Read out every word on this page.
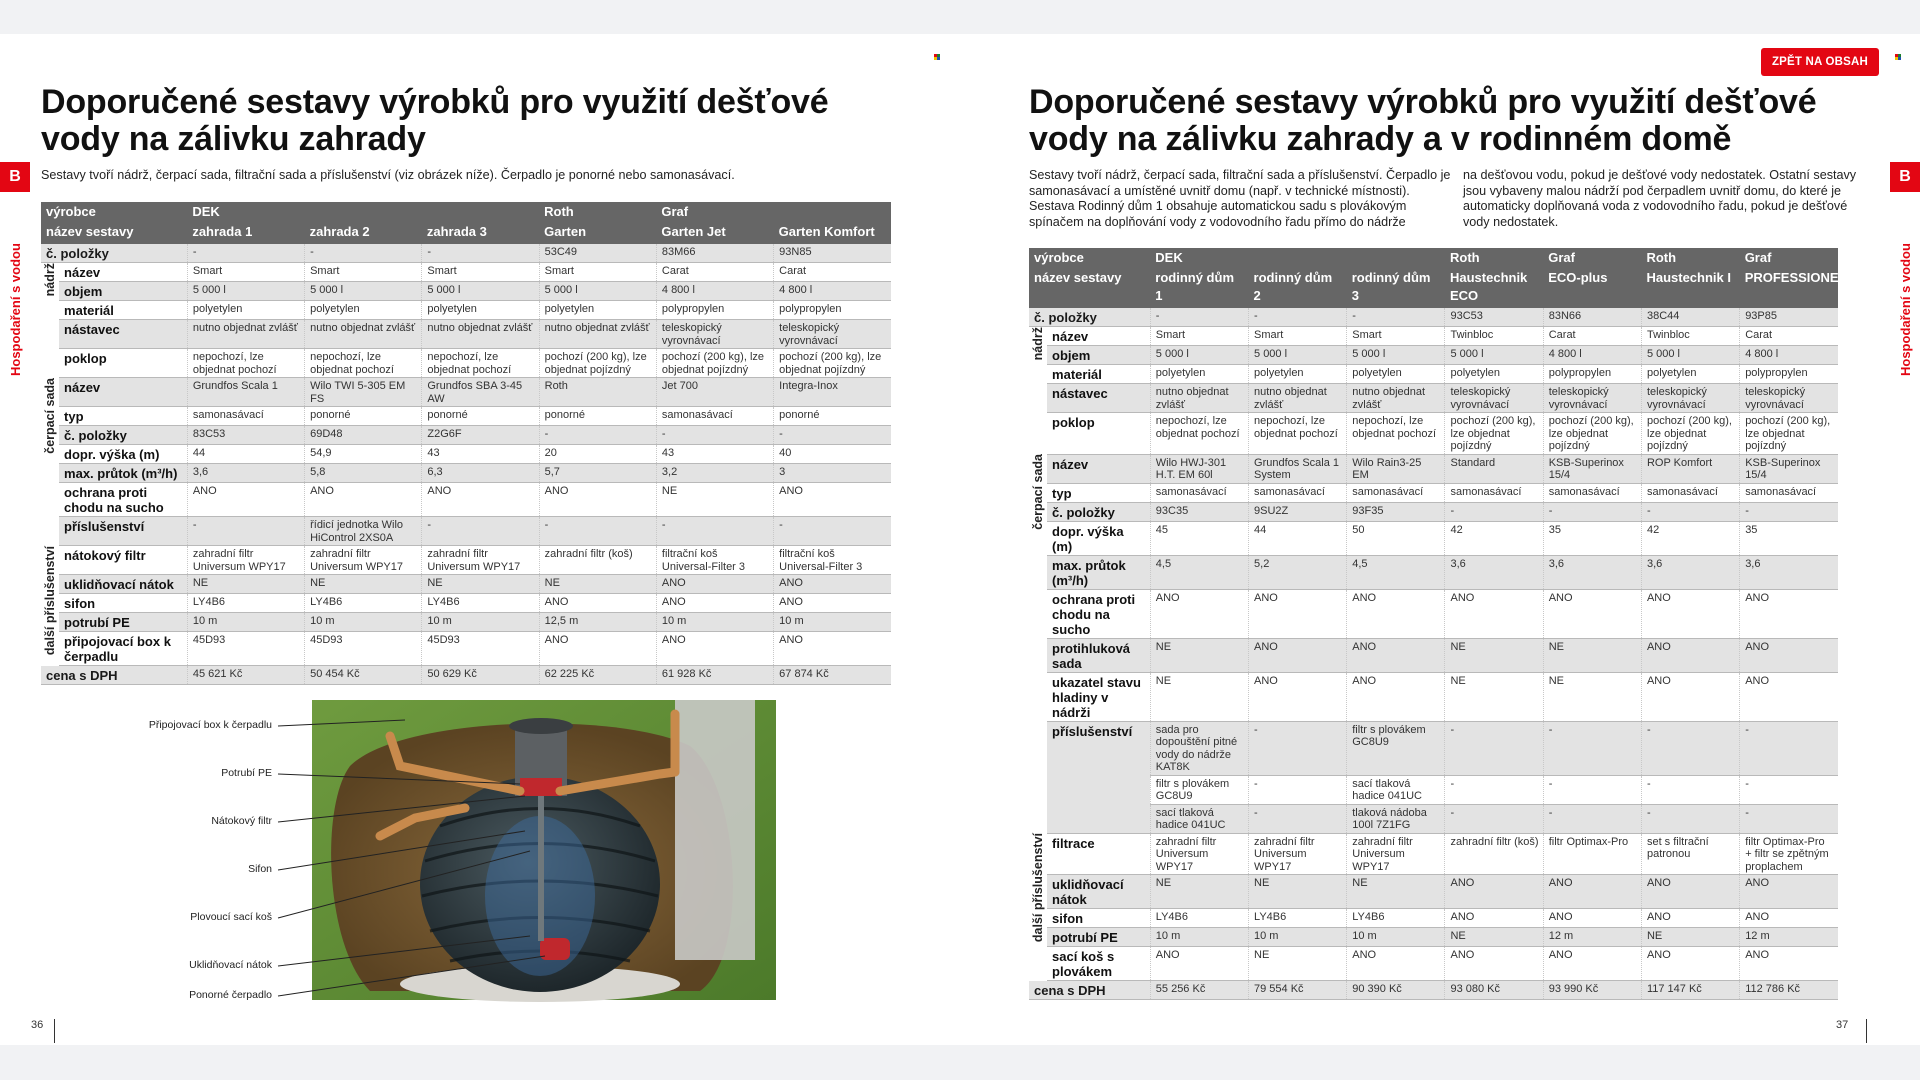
Doporučené sestavy výrobků pro využití dešťové
vody na zálivku zahrady

Sestavy tvoří nádrž, čerpací sada, filtrační sada a příslušenství (viz obrázek níže). Čerpadlo je ponorné nebo samonasávací.

B
Hospodaření s vodou
výrobce		DEK			Roth	Graf	
název sestavy		zahrada 1	zahrada 2	zahrada 3	Garten	Garten Jet	Garten Komfort
č. položky		-	-	-	53C49	83M66	93N85

nádrž	název	Smart	Smart	Smart	Smart	Carat	Carat
	objem	5 000 l	5 000 l	5 000 l	5 000 l	4 800 l	4 800 l
	materiál	polyetylen	polyetylen	polyetylen	polyetylen	polypropylen	polypropylen
	nástavec	nutno objednat zvlášť	nutno objednat zvlášť	nutno objednat zvlášť	nutno objednat zvlášť	teleskopický vyrovnávací	teleskopický vyrovnávací
	poklop	nepochozí, lze objednat pochozí	nepochozí, lze objednat pochozí	nepochozí, lze objednat pochozí	pochozí (200 kg), lze objednat pojízdný	pochozí (200 kg), lze objednat pojízdný	pochozí (200 kg), lze objednat pojízdný

čerpací sada	název	Grundfos Scala 1	Wilo TWI 5-305 EM FS	Grundfos SBA 3-45 AW	Roth	Jet 700	Integra-Inox
	typ	samonasávací	ponorné	ponorné	ponorné	samonasávací	ponorné
	č. položky	83C53	69D48	Z2G6F	-	-	-
	dopr. výška (m)	44	54,9	43	20	43	40
	max. průtok (m³/h)	3,6	5,8	6,3	5,7	3,2	3
	ochrana proti chodu na sucho	ANO	ANO	ANO	ANO	NE	ANO
	příslušenství	-	řídicí jednotka Wilo HiControl 2XS0A	-	-	-	-

další příslušenství	nátokový filtr	zahradní filtr Universum WPY17	zahradní filtr Universum WPY17	zahradní filtr Universum WPY17	zahradní filtr (koš)	filtrační koš Universal-Filter 3	filtrační koš Universal-Filter 3
	uklidňovací nátok	NE	NE	NE	NE	ANO	ANO
	sifon	LY4B6	LY4B6	LY4B6	ANO	ANO	ANO
	potrubí PE	10 m	10 m	10 m	12,5 m	10 m	10 m
	připojovací box k čerpadlu	45D93	45D93	45D93	ANO	ANO	ANO
cena s DPH		45 621 Kč	50 454 Kč	50 629 Kč	62 225 Kč	61 928 Kč	67 874 Kč
Připojovací box k čerpadlu
Potrubí PE
Nátokový filtr
Sifon
Plovoucí sací koš
Uklidňovací nátok
Ponorné čerpadlo
36
Doporučené sestavy výrobků pro využití dešťové
vody na zálivku zahrady a v rodinném domě

Sestavy tvoří nádrž, čerpací sada, filtrační sada a příslušenství. Čerpadlo je samonasávací a umístěné uvnitř domu (např. v technické místnosti). Sestava Rodinný dům 1 obsahuje automatickou sadu s plovákovým spínačem na doplňování vody z vodovodního řadu přímo do nádrže

na dešťovou vodu, pokud je dešťové vody nedostatek. Ostatní sestavy jsou vybaveny malou nádrží pod čerpadlem uvnitř domu, do které je automaticky doplňovaná voda z vodovodního řadu, pokud je dešťové vody nedostatek.

ZPĚT NA OBSAH
B
Hospodaření s vodou
výrobce		DEK			Roth	Graf	Roth	Graf
název sestavy		rodinný dům 1	rodinný dům 2	rodinný dům 3	Haustechnik ECO	ECO-plus	Haustechnik I	PROFESSIONEL
č. položky		-	-	-	93C53	83N66	38C44	93P85

nádrž	název	Smart	Smart	Smart	Twinbloc	Carat	Twinbloc	Carat
	objem	5 000 l	5 000 l	5 000 l	5 000 l	4 800 l	5 000 l	4 800 l
	materiál	polyetylen	polyetylen	polyetylen	polyetylen	polypropylen	polyetylen	polypropylen
	nástavec	nutno objednat zvlášť	nutno objednat zvlášť	nutno objednat zvlášť	teleskopický vyrovnávací	teleskopický vyrovnávací	teleskopický vyrovnávací	teleskopický vyrovnávací
	poklop	nepochozí, lze objednat pochozí	nepochozí, lze objednat pochozí	nepochozí, lze objednat pochozí	pochozí (200 kg), lze objednat pojízdný	pochozí (200 kg), lze objednat pojízdný	pochozí (200 kg), lze objednat pojízdný	pochozí (200 kg), lze objednat pojízdný

čerpací sada	název	Wilo HWJ-301 H.T. EM 60l	Grundfos Scala 1 System	Wilo Rain3-25 EM	Standard	KSB-Superinox 15/4	ROP Komfort	KSB-Superinox 15/4
	typ	samonasávací	samonasávací	samonasávací	samonasávací	samonasávací	samonasávací	samonasávací
	č. položky	93C35	9SU2Z	93F35	-	-	-	-
	dopr. výška (m)	45	44	50	42	35	42	35
	max. průtok (m³/h)	4,5	5,2	4,5	3,6	3,6	3,6	3,6
	ochrana proti chodu na sucho	ANO	ANO	ANO	ANO	ANO	ANO	ANO
	protihluková sada	NE	ANO	ANO	NE	NE	ANO	ANO
	ukazatel stavu hladiny v nádrži	NE	ANO	ANO	NE	NE	ANO	ANO
	příslušenství	sada pro dopouštění pitné vody do nádrže KAT8K	-	filtr s plovákem GC8U9	-	-	-	-
		filtr s plovákem GC8U9	-	sací tlaková hadice 041UC	-	-	-	-
		sací tlaková hadice 041UC	-	tlaková nádoba 100l 7Z1FG	-	-	-	-

další příslušenství	filtrace	zahradní filtr Universum WPY17	zahradní filtr Universum WPY17	zahradní filtr Universum WPY17	zahradní filtr (koš)	filtr Optimax-Pro	set s filtrační patronou	filtr Optimax-Pro + filtr se zpětným proplachem
	uklidňovací nátok	NE	NE	NE	ANO	ANO	ANO	ANO
	sifon	LY4B6	LY4B6	LY4B6	ANO	ANO	ANO	ANO
	potrubí PE	10 m	10 m	10 m	NE	12 m	NE	12 m
	sací koš s plovákem	ANO	NE	ANO	ANO	ANO	ANO	ANO
cena s DPH		55 256 Kč	79 554 Kč	90 390 Kč	93 080 Kč	93 990 Kč	117 147 Kč	112 786 Kč
37
